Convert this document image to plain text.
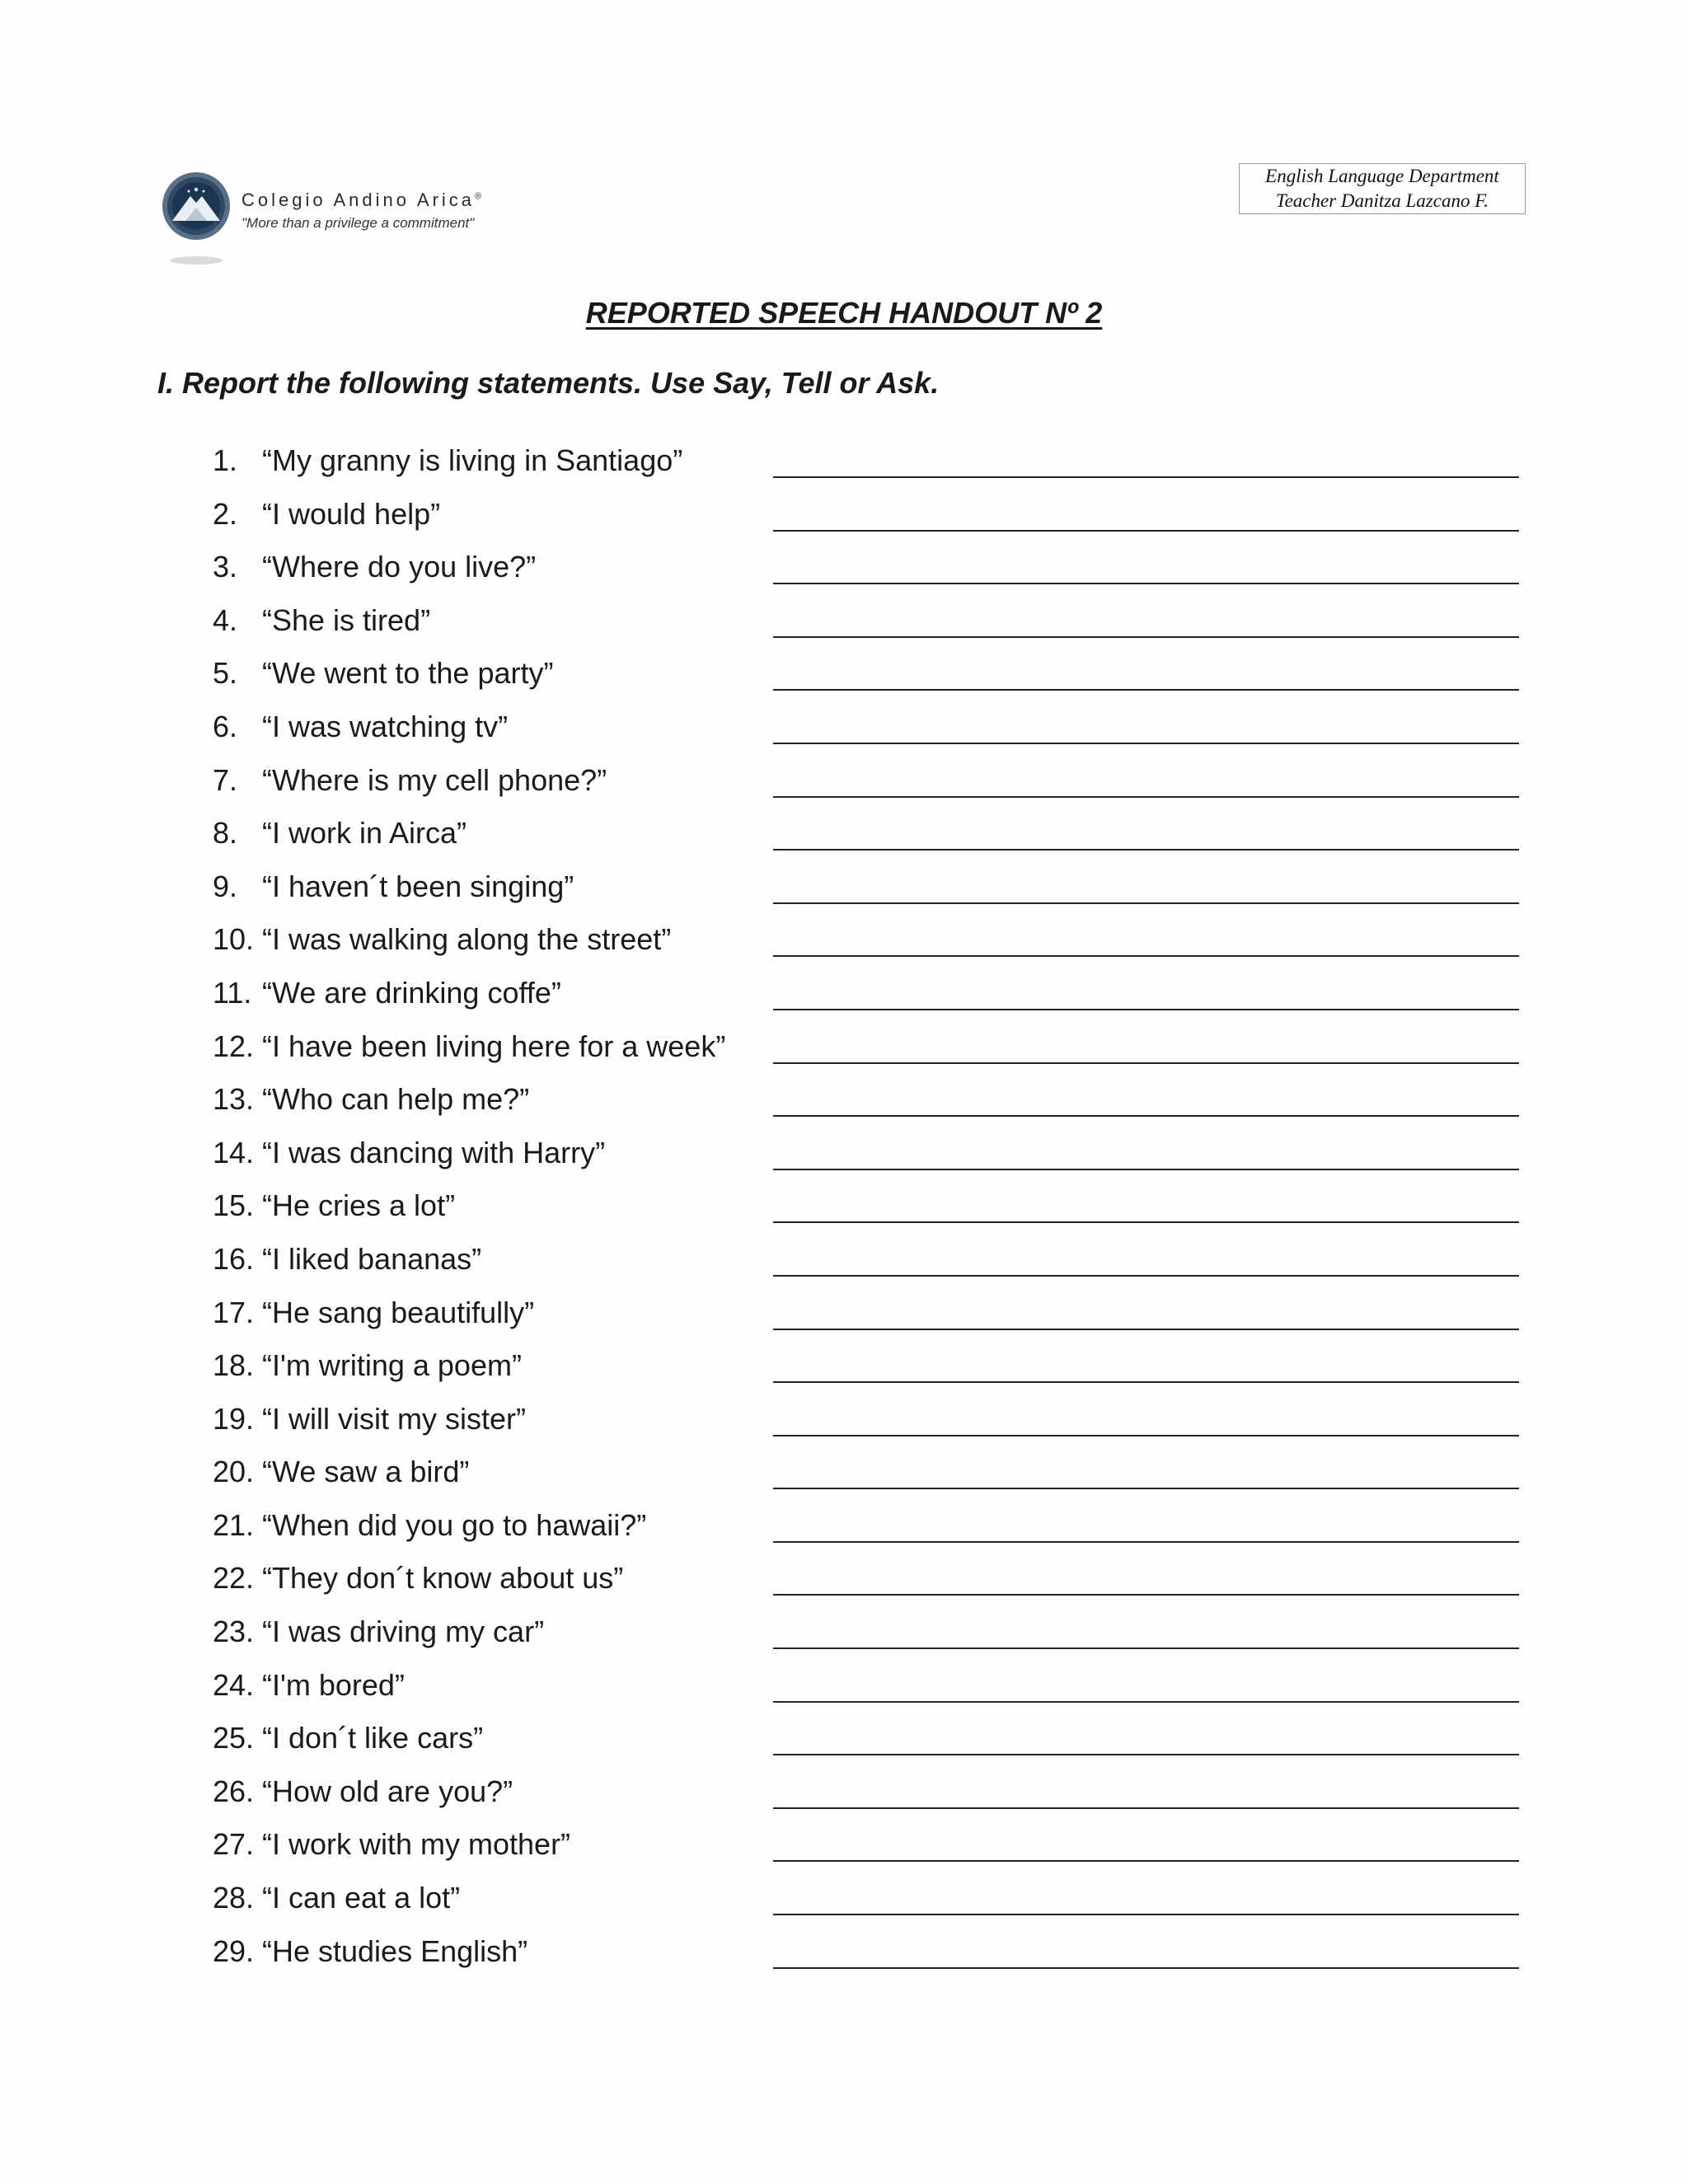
Colegio Andino Arica®
"More than a privilege a commitment"
English Language Department
Teacher Danitza Lazcano F.
REPORTED SPEECH HANDOUT Nº 2
I. Report the following statements. Use Say, Tell or Ask.
1. “My granny is living in Santiago”
2. “I would help”
3. “Where do you live?”
4. “She is tired”
5. “We went to the party”
6. “I was watching tv”
7. “Where is my cell phone?”
8. “I work in Airca”
9. “I haven´t been singing”
10. “I was walking along the street”
11. “We are drinking coffe”
12. “I have been living here for a week”
13. “Who can help me?”
14. “I was dancing with Harry”
15. “He cries a lot”
16. “I liked bananas”
17. “He sang beautifully”
18. “I'm writing a poem”
19. “I will visit my sister”
20. “We saw a bird”
21. “When did you go to hawaii?”
22. “They don´t know about us”
23. “I was driving my car”
24. “I'm bored”
25. “I don´t like cars”
26. “How old are you?”
27. “I work with my mother”
28. “I can eat a lot”
29. “He studies English”
